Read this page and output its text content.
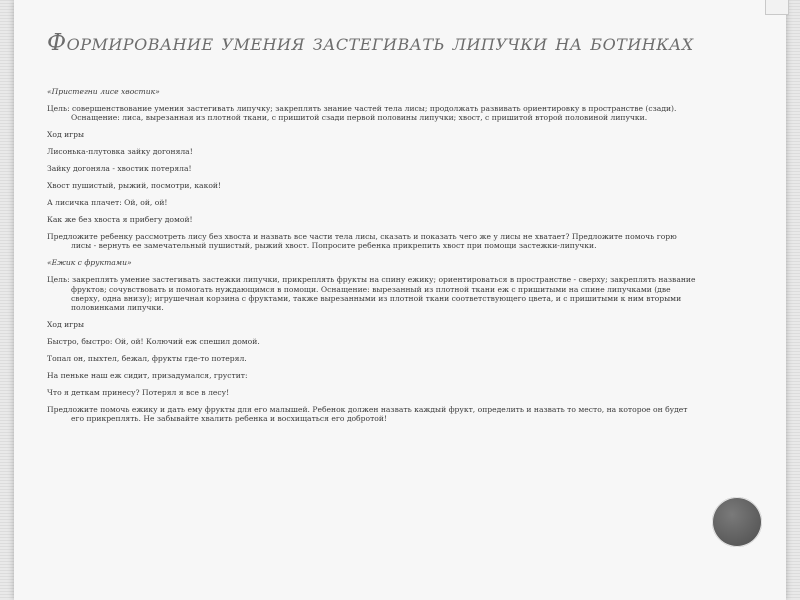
Формирование умения застегивать липучки на ботинках

«Пристегни лисе хвостик»

Цель: совершенствование умения застегивать липучку; закреплять знание частей тела лисы; продолжать развивать ориентировку в пространстве (сзади). Оснащение: лиса, вырезанная из плотной ткани, с пришитой сзади первой половины липучки; хвост, с пришитой второй половиной липучки.

Ход игры

Лисонька-плутовка зайку догоняла!

Зайку догоняла - хвостик потеряла!

Хвост пушистый, рыжий, посмотри, какой!

А лисичка плачет: Ой, ой, ой!

Как же без хвоста я прибегу домой!

Предложите ребенку рассмотреть лису без хвоста и назвать все части тела лисы, сказать и показать чего же у лисы не хватает? Предложите помочь горю лисы - вернуть ее замечательный пушистый, рыжий хвост. Попросите ребенка прикрепить хвост при помощи застежки-липучки.

«Ежик с фруктами»

Цель: закреплять умение застегивать застежки липучки, прикреплять фрукты на спину ежику; ориентироваться в пространстве - сверху; закреплять название фруктов; сочувствовать и помогать нуждающимся в помощи. Оснащение: вырезанный из плотной ткани еж с пришитыми на спине липучками (две сверху, одна внизу); игрушечная корзина с фруктами, также вырезанными из плотной ткани соответствующего цвета, и с пришитыми к ним вторыми половинками липучки.

Ход игры

Быстро, быстро: Ой, ой! Колючий еж спешил домой.

Топал он, пыхтел, бежал, фрукты где-то потерял.

На пеньке наш еж сидит, призадумался, грустит:

Что я деткам принесу? Потерял я все в лесу!

Предложите помочь ежику и дать ему фрукты для его малышей. Ребенок должен назвать каждый фрукт, определить и назвать то место, на которое он будет его прикреплять. Не забывайте хвалить ребенка и восхищаться его добротой!
